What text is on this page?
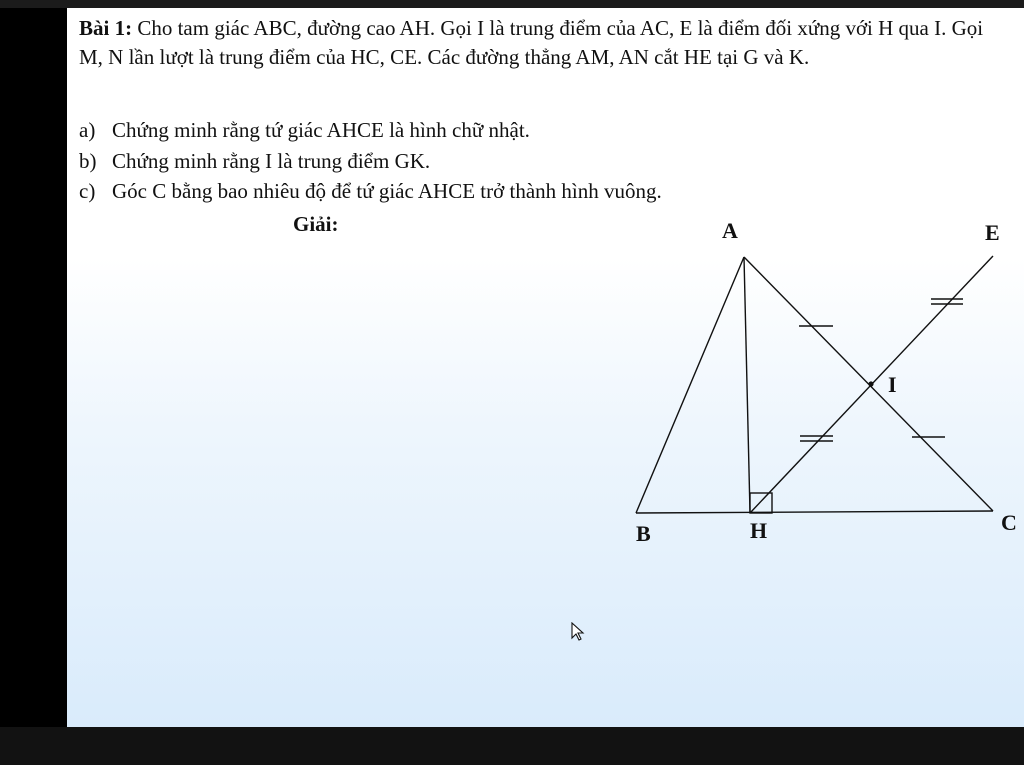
Bài 1: Cho tam giác ABC, đường cao AH. Gọi I là trung điểm của AC, E là điểm đối xứng với H qua I. Gọi M, N lần lượt là trung điểm của HC, CE. Các đường thẳng AM, AN cắt HE tại G và K.
a) Chứng minh rằng tứ giác AHCE là hình chữ nhật.
b) Chứng minh rằng I là trung điểm GK.
c) Góc C bằng bao nhiêu độ để tứ giác AHCE trở thành hình vuông.
Giải:	A	E
I
B	H	C
